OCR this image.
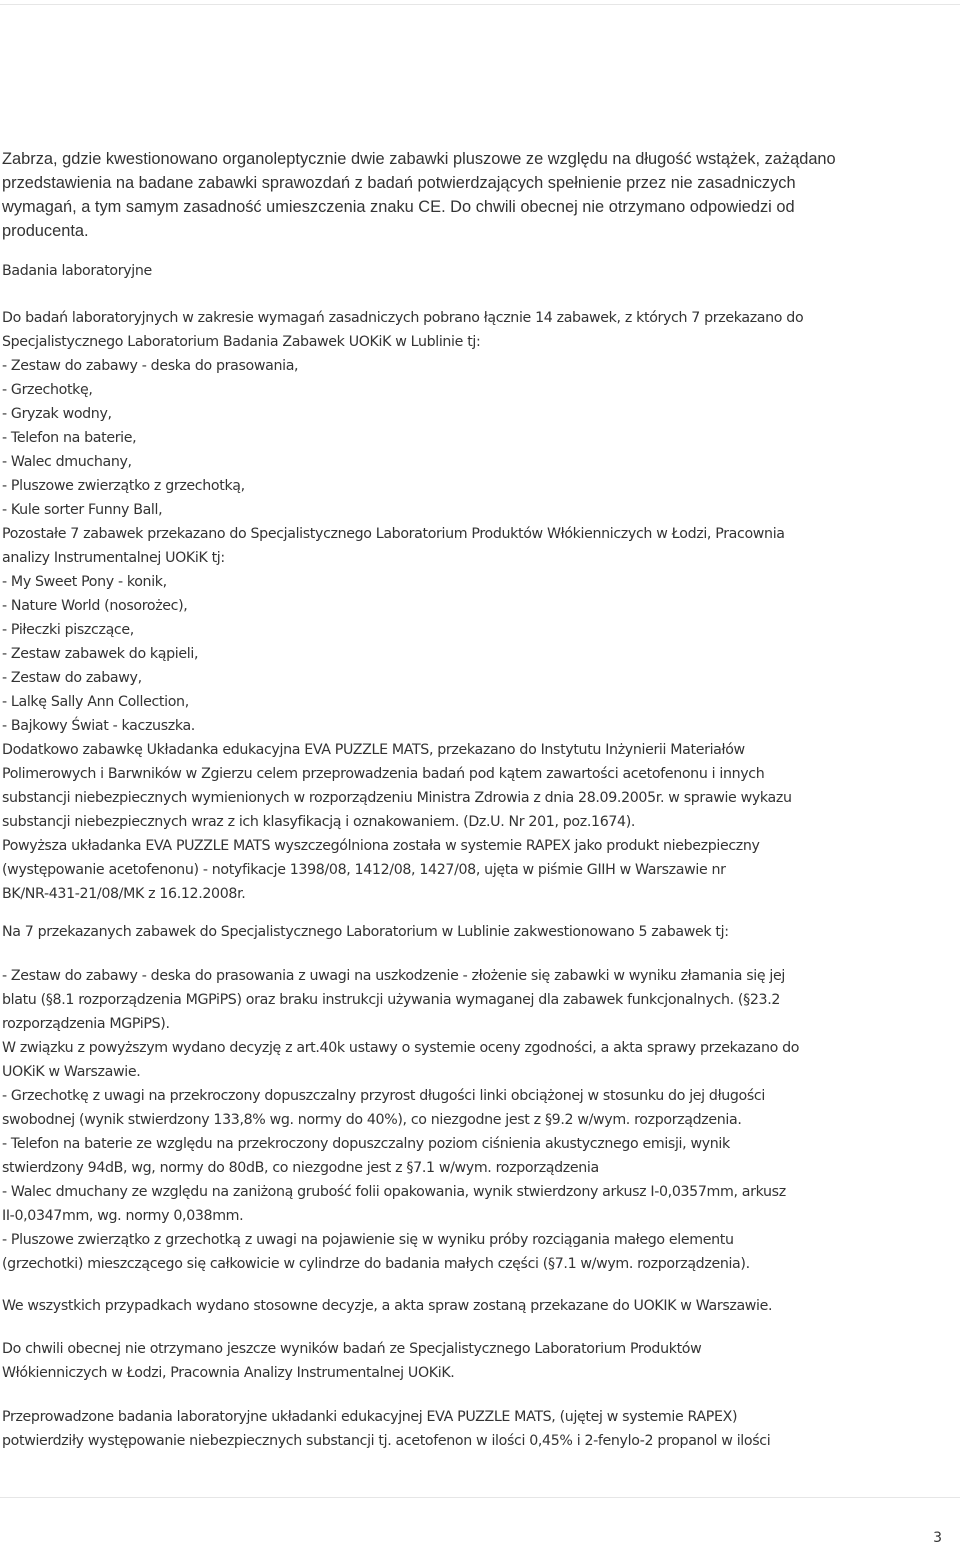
Zabrza, gdzie kwestionowano organoleptycznie dwie zabawki pluszowe ze względu na długość wstążek, zażądano
przedstawienia na badane zabawki sprawozdań z badań potwierdzających spełnienie przez nie zasadniczych
wymagań, a tym samym zasadność umieszczenia znaku CE. Do chwili obecnej nie otrzymano odpowiedzi od
producenta.
Badania laboratoryjne
Do badań laboratoryjnych w zakresie wymagań zasadniczych pobrano łącznie 14 zabawek, z których 7 przekazano do
Specjalistycznego Laboratorium Badania Zabawek UOKiK w Lublinie tj:
- Zestaw do zabawy - deska do prasowania,
- Grzechotkę,
- Gryzak wodny,
- Telefon na baterie,
- Walec dmuchany,
- Pluszowe zwierzątko z grzechotką,
- Kule sorter Funny Ball,
Pozostałe 7 zabawek przekazano do Specjalistycznego Laboratorium Produktów Włókienniczych w Łodzi, Pracownia
analizy Instrumentalnej UOKiK tj:
- My Sweet Pony - konik,
- Nature World (nosorożec),
- Piłeczki piszczące,
- Zestaw zabawek do kąpieli,
- Zestaw do zabawy,
- Lalkę Sally Ann Collection,
- Bajkowy Świat - kaczuszka.
Dodatkowo zabawkę Układanka edukacyjna EVA PUZZLE MATS, przekazano do Instytutu Inżynierii Materiałów
Polimerowych i Barwników w Zgierzu celem przeprowadzenia badań pod kątem zawartości acetofenonu i innych
substancji niebezpiecznych wymienionych w rozporządzeniu Ministra Zdrowia z dnia 28.09.2005r. w sprawie wykazu
substancji niebezpiecznych wraz z ich klasyfikacją i oznakowaniem. (Dz.U. Nr 201, poz.1674).
Powyższa układanka EVA PUZZLE MATS wyszczególniona została w systemie RAPEX jako produkt niebezpieczny
(występowanie acetofenonu) - notyfikacje 1398/08, 1412/08, 1427/08, ujęta w piśmie GIIH w Warszawie nr
BK/NR-431-21/08/MK z 16.12.2008r.
Na 7 przekazanych zabawek do Specjalistycznego Laboratorium w Lublinie zakwestionowano 5 zabawek tj:
- Zestaw do zabawy - deska do prasowania z uwagi na uszkodzenie - złożenie się zabawki w wyniku złamania się jej
blatu (§8.1 rozporządzenia MGPiPS) oraz braku instrukcji używania wymaganej dla zabawek funkcjonalnych. (§23.2
rozporządzenia MGPiPS).
W związku z powyższym wydano decyzję z art.40k ustawy o systemie oceny zgodności, a akta sprawy przekazano do
UOKiK w Warszawie.
- Grzechotkę z uwagi na przekroczony dopuszczalny przyrost długości linki obciążonej w stosunku do jej długości
swobodnej (wynik stwierdzony 133,8% wg. normy do 40%), co niezgodne jest z §9.2 w/wym. rozporządzenia.
- Telefon na baterie ze względu na przekroczony dopuszczalny poziom ciśnienia akustycznego emisji, wynik
stwierdzony 94dB, wg, normy do 80dB, co niezgodne jest z §7.1 w/wym. rozporządzenia
- Walec dmuchany ze względu na zaniżoną grubość folii opakowania, wynik stwierdzony arkusz I-0,0357mm, arkusz
II-0,0347mm, wg. normy 0,038mm.
- Pluszowe zwierzątko z grzechotką z uwagi na pojawienie się w wyniku próby rozciągania małego elementu
(grzechotki) mieszczącego się całkowicie w cylindrze do badania małych części (§7.1 w/wym. rozporządzenia).
We wszystkich przypadkach wydano stosowne decyzje, a akta spraw zostaną przekazane do UOKIK w Warszawie.
Do chwili obecnej nie otrzymano jeszcze wyników badań ze Specjalistycznego Laboratorium Produktów
Włókienniczych w Łodzi, Pracownia Analizy Instrumentalnej UOKiK.
Przeprowadzone badania laboratoryjne układanki edukacyjnej EVA PUZZLE MATS, (ujętej w systemie RAPEX)
potwierdziły występowanie niebezpiecznych substancji tj. acetofenon w ilości 0,45% i 2-fenylo-2 propanol w ilości
3
